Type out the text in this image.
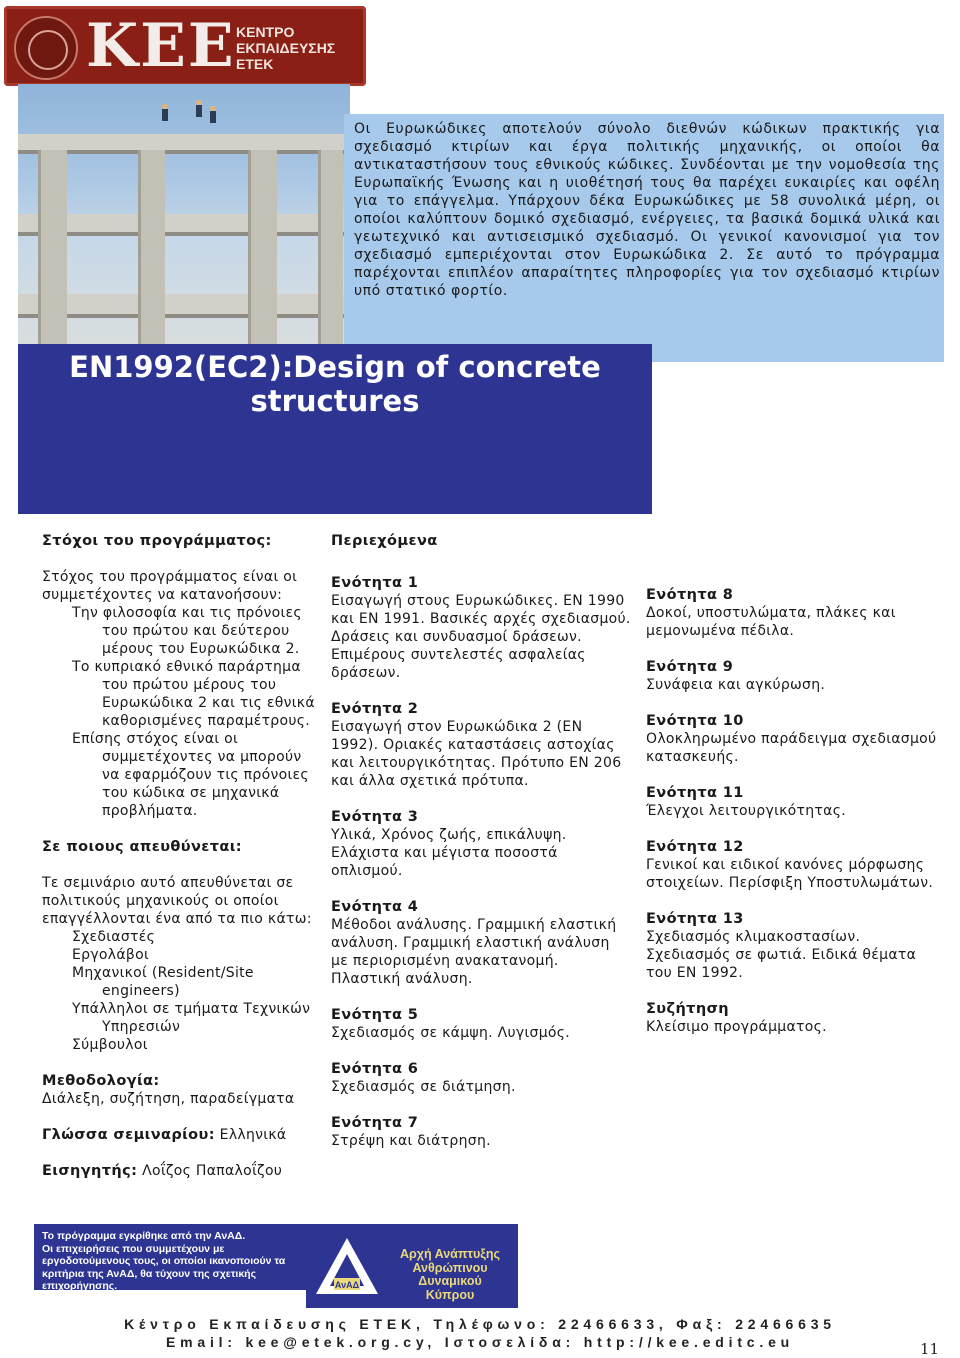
KEE ΚΕΝΤΡΟ
ΕΚΠΑΙΔΕΥΣΗΣ
ΕΤΕΚ

Οι Ευρωκώδικες αποτελούν σύνολο διεθνών κώδικων πρακτικής για σχεδιασμό κτιρίων και έργα πολιτικής μηχανικής, οι οποίοι θα αντικαταστήσουν τους εθνικούς κώδικες. Συνδέονται με την νομοθεσία της Ευρωπαϊκής Ένωσης και η υιοθέτησή τους θα παρέχει ευκαιρίες και οφέλη για το επάγγελμα. Υπάρχουν δέκα Ευρωκώδικες με 58 συνολικά μέρη, οι οποίοι καλύπτουν δομικό σχεδιασμό, ενέργειες, τα βασικά δομικά υλικά και γεωτεχνικό και αντισεισμικό σχεδιασμό. Οι γενικοί κανονισμοί για τον σχεδιασμό εμπεριέχονται στον Ευρωκώδικα 2. Σε αυτό το πρόγραμμα παρέχονται επιπλέον απαραίτητες πληροφορίες για τον σχεδιασμό κτιρίων υπό στατικό φορτίο.

EN1992(EC2):Design of concrete
structures
Στόχοι του προγράμματος:

Στόχος του προγράμματος είναι οι συμμετέχοντες να κατανοήσουν:

Την φιλοσοφία και τις πρόνοιες του πρώτου και δεύτερου μέρους του Ευρωκώδικα 2.
Το κυπριακό εθνικό παράρτημα του πρώτου μέρους του Ευρωκώδικα 2 και τις εθνικά καθορισμένες παραμέτρους.
Επίσης στόχος είναι οι συμμετέχοντες να μπορούν να εφαρμόζουν τις πρόνοιες του κώδικα σε μηχανικά προβλήματα.
Σε ποιους απευθύνεται:

Τε σεμινάριο αυτό απευθύνεται σε πολιτικούς μηχανικούς οι οποίοι επαγγέλλονται ένα από τα πιο κάτω:

Σχεδιαστές
Εργολάβοι
Μηχανικοί (Resident/Site engineers)
Υπάλληλοι σε τμήματα Τεχνικών Υπηρεσιών
Σύμβουλοι
Μεθοδολογία:

Διάλεξη, συζήτηση, παραδείγματα

Γλώσσα σεμιναρίου: Ελληνικά

Εισηγητής: Λοΐζος Παπαλοΐζου

Περιεχόμενα
Ενότητα 1
Εισαγωγή στους Ευρωκώδικες. ΕΝ 1990 και ΕΝ 1991. Βασικές αρχές σχεδιασμού. Δράσεις και συνδυασμοί δράσεων. Επιμέρους συντελεστές ασφαλείας δράσεων.
Ενότητα 2
Εισαγωγή στον Ευρωκώδικα 2 (EN 1992). Οριακές καταστάσεις αστοχίας και λειτουργικότητας. Πρότυπο EN 206 και άλλα σχετικά πρότυπα.
Ενότητα 3
Υλικά, Χρόνος ζωής, επικάλυψη. Ελάχιστα και μέγιστα ποσοστά οπλισμού.
Ενότητα 4
Μέθοδοι ανάλυσης. Γραμμική ελαστική ανάλυση. Γραμμική ελαστική ανάλυση με περιορισμένη ανακατανομή. Πλαστική ανάλυση.
Ενότητα 5
Σχεδιασμός σε κάμψη. Λυγισμός.
Ενότητα 6
Σχεδιασμός σε διάτμηση.
Ενότητα 7
Στρέψη και διάτρηση.
Ενότητα 8
Δοκοί, υποστυλώματα, πλάκες και μεμονωμένα πέδιλα.
Ενότητα 9
Συνάφεια και αγκύρωση.
Ενότητα 10
Ολοκληρωμένο παράδειγμα σχεδιασμού κατασκευής.
Ενότητα 11
Έλεγχοι λειτουργικότητας.
Ενότητα 12
Γενικοί και ειδικοί κανόνες μόρφωσης στοιχείων. Περίσφιξη Υποστυλωμάτων.
Ενότητα 13
Σχεδιασμός κλιμακοστασίων. Σχεδιασμός σε φωτιά. Ειδικά θέματα του EN 1992.
Συζήτηση
Κλείσιμο προγράμματος.
Το πρόγραμμα εγκρίθηκε από την ΑνΑΔ.
Οι επιχειρήσεις που συμμετέχουν με εργοδοτούμενους τους, οι οποίοι ικανοποιούν τα κριτήρια της ΑνΑΔ, θα τύχουν της σχετικής επιχορήγησης.	ΑνΑΔ
Αρχή Ανάπτυξης
Ανθρώπινου
Δυναμικού
Κύπρου
Κέντρο Εκπαίδευσης ΕΤΕΚ, Τηλέφωνο: 22466633, Φαξ: 22466635
Email: kee@etek.org.cy, Ιστοσελίδα: http://kee.editc.eu	11
